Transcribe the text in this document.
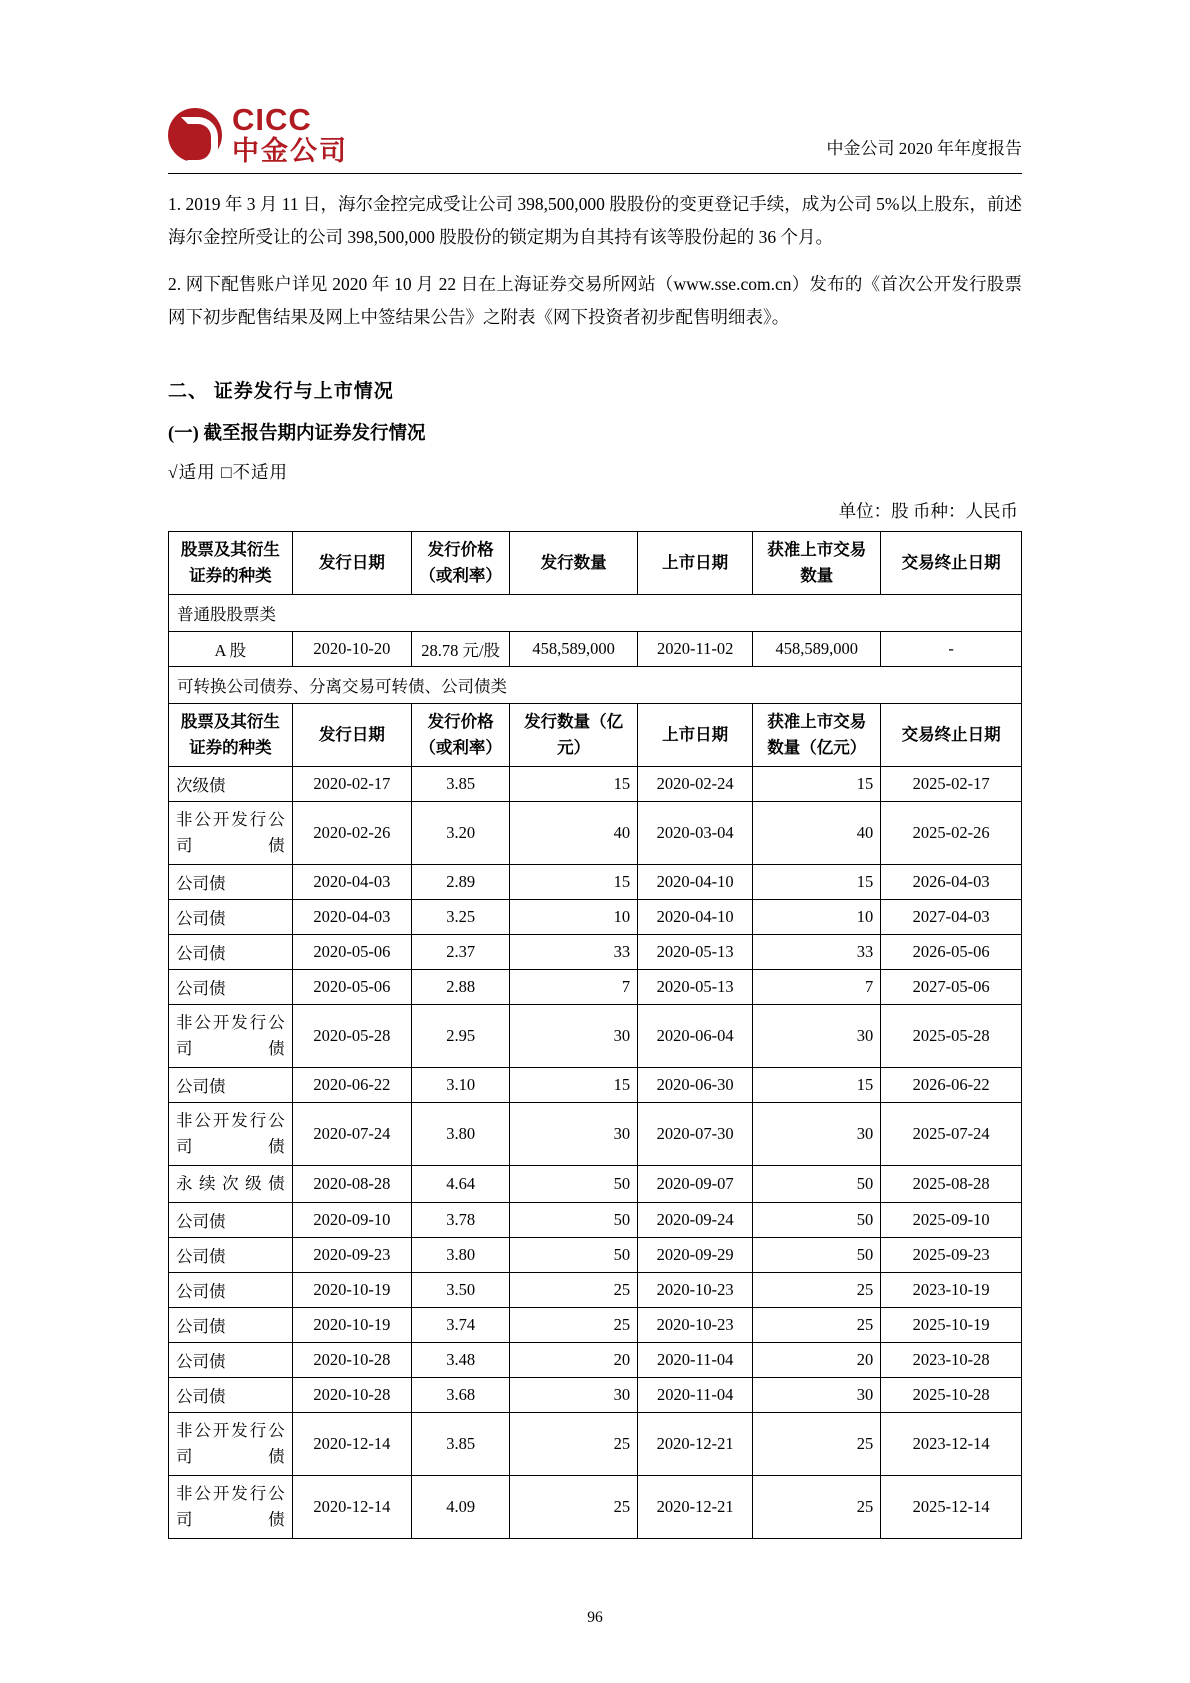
CICC
中金公司	中金公司 2020 年年度报告
1. 2019 年 3 月 11 日，海尔金控完成受让公司 398,500,000 股股份的变更登记手续，成为公司 5%以上股东，前述海尔金控所受让的公司 398,500,000 股股份的锁定期为自其持有该等股份起的 36 个月。
2. 网下配售账户详见 2020 年 10 月 22 日在上海证券交易所网站（www.sse.com.cn）发布的《首次公开发行股票网下初步配售结果及网上中签结果公告》之附表《网下投资者初步配售明细表》。
二、 证券发行与上市情况
(一) 截至报告期内证券发行情况
√适用 □不适用
单位：股 币种：人民币
股票及其衍生证券的种类	发行日期	发行价格（或利率）	发行数量	上市日期	获准上市交易数量	交易终止日期
普通股股票类						
A 股	2020-10-20	28.78 元/股	458,589,000	2020-11-02	458,589,000	-
可转换公司债券、分离交易可转债、公司债类						
股票及其衍生证券的种类	发行日期	发行价格（或利率）	发行数量（亿元）	上市日期	获准上市交易数量（亿元）	交易终止日期
次级债	2020-02-17	3.85	15	2020-02-24	15	2025-02-17
非公开发行公司债	2020-02-26	3.20	40	2020-03-04	40	2025-02-26
公司债	2020-04-03	2.89	15	2020-04-10	15	2026-04-03
公司债	2020-04-03	3.25	10	2020-04-10	10	2027-04-03
公司债	2020-05-06	2.37	33	2020-05-13	33	2026-05-06
公司债	2020-05-06	2.88	7	2020-05-13	7	2027-05-06
非公开发行公司债	2020-05-28	2.95	30	2020-06-04	30	2025-05-28
公司债	2020-06-22	3.10	15	2020-06-30	15	2026-06-22
非公开发行公司债	2020-07-24	3.80	30	2020-07-30	30	2025-07-24
永续次级债	2020-08-28	4.64	50	2020-09-07	50	2025-08-28
公司债	2020-09-10	3.78	50	2020-09-24	50	2025-09-10
公司债	2020-09-23	3.80	50	2020-09-29	50	2025-09-23
公司债	2020-10-19	3.50	25	2020-10-23	25	2023-10-19
公司债	2020-10-19	3.74	25	2020-10-23	25	2025-10-19
公司债	2020-10-28	3.48	20	2020-11-04	20	2023-10-28
公司债	2020-10-28	3.68	30	2020-11-04	30	2025-10-28
非公开发行公司债	2020-12-14	3.85	25	2020-12-21	25	2023-12-14
非公开发行公司债	2020-12-14	4.09	25	2020-12-21	25	2025-12-14
96
